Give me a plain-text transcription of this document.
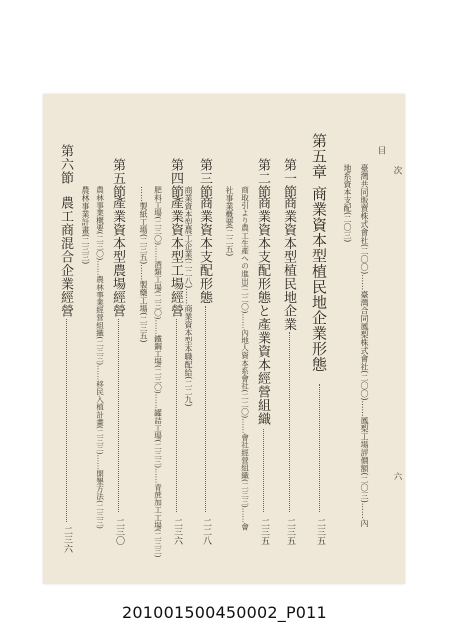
目
次
六
臺灣共同販賣株式會社(二〇〇)……臺灣合同鳳梨株式會社(二〇〇)……鳳梨工場評價額(二〇三)……內
地系資本支配(二〇三)
第五章
商業資本型植民地企業形態
二三五
第一節
商業資本型植民地企業
二三五
第二節
商業資本支配形態と產業資本經營組織
二三五
商取引より農工生產への進出(二二〇)……內地人資本系會社(二二〇)……會社經營組織(二三三)……會
社事業概要(二二五)
第三節
商業資本支配形態
二二八
商業資本型農工企業(二二八)……商業資本型本職配給(二二九)
第四節
產業資本型工場經營
二三六
肥料工場(二三〇)……酒類工場(二三〇)……鐵鋼工場(二三〇)……罐詰工場(二三三)……青蔗加工工場(二三三)
……製紙工場(二三五)……製藥工場(二三五)
第五節
產業資本型農場經營
二三〇
農林事業概要(二三〇)……農林事業經營組織(二三三)……移民入植計畫(二三三)……開墾方法(二三三)
農林事業計畫(二三三)
第六節
農工商混合企業經營
二三六
201001500450002_P011
